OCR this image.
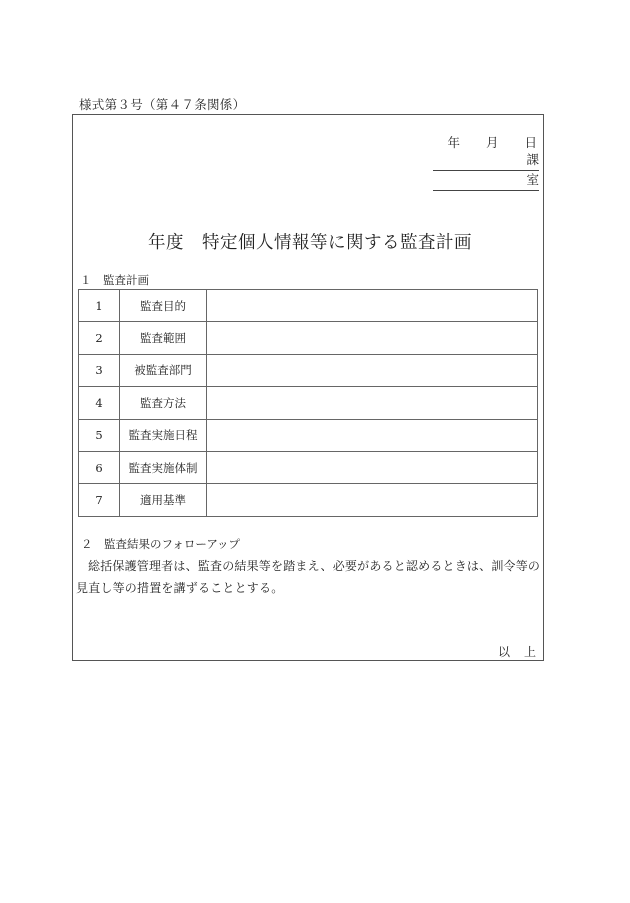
様式第３号（第４７条関係）
年 月 日
課
室
年度　特定個人情報等に関する監査計画
１　監査計画
1	監査目的	
2	監査範囲	
3	被監査部門	
4	監査方法	
5	監査実施日程	
6	監査実施体制	
7	適用基準	
２　監査結果のフォローアップ
総括保護管理者は、監査の結果等を踏まえ、必要があると認めるときは、訓令等の見直し等の措置を講ずることとする。
以 上
